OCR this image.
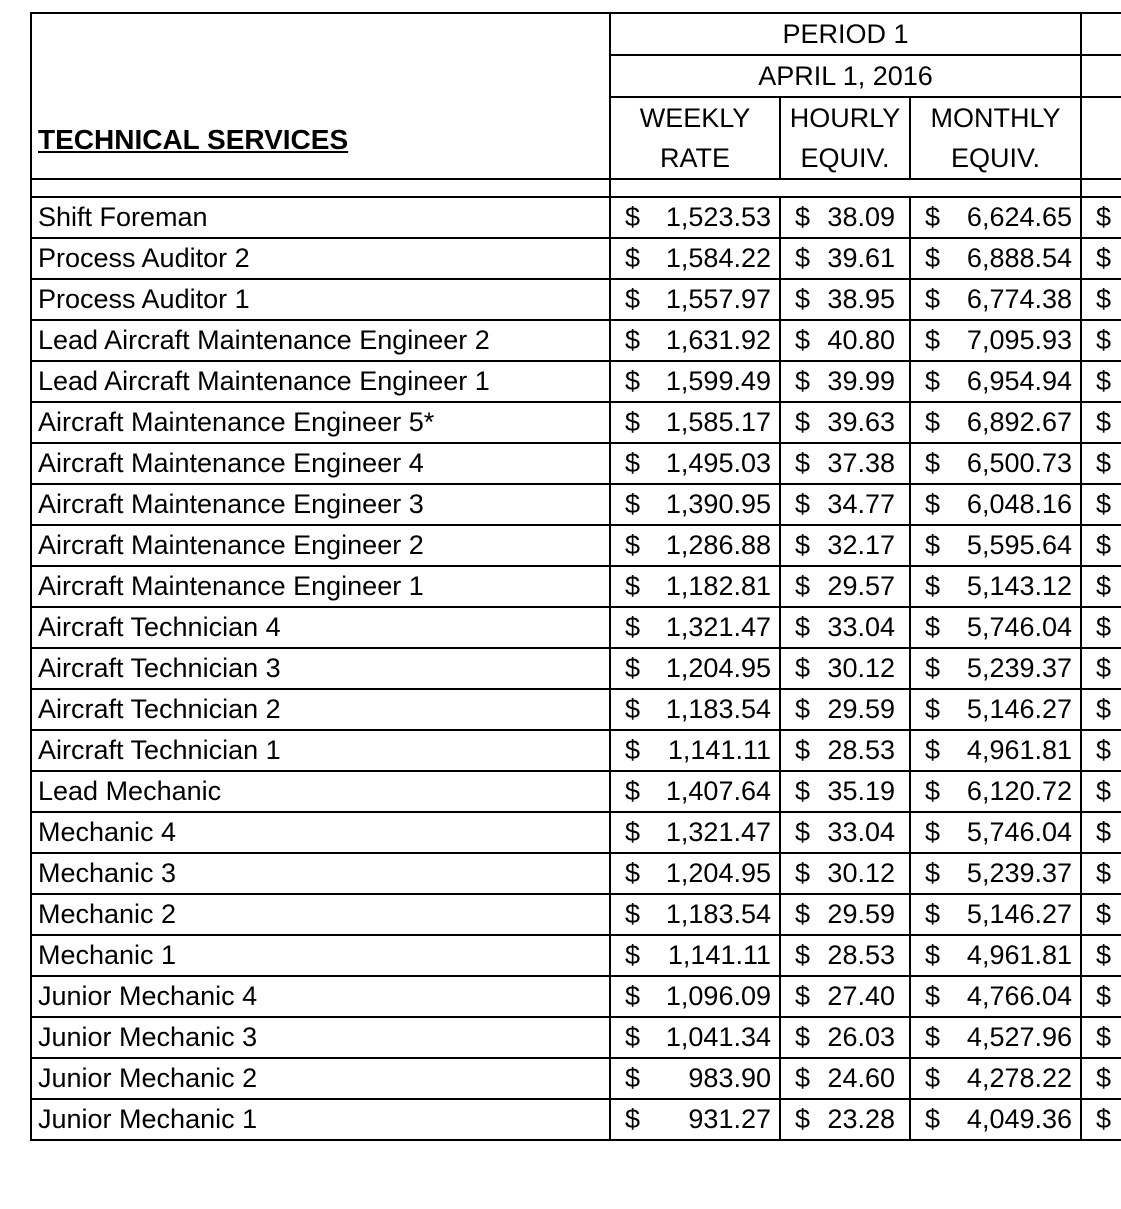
TECHNICAL SERVICES	PERIOD 1			
	APRIL 1, 2016			
	WEEKLY	HOURLY	MONTHLY	
	RATE	EQUIV.	EQUIV.	

Shift Foreman	$ 1,523.53	$ 38.09	$ 6,624.65	$
Process Auditor 2	$ 1,584.22	$ 39.61	$ 6,888.54	$
Process Auditor 1	$ 1,557.97	$ 38.95	$ 6,774.38	$
Lead Aircraft Maintenance Engineer 2	$ 1,631.92	$ 40.80	$ 7,095.93	$
Lead Aircraft Maintenance Engineer 1	$ 1,599.49	$ 39.99	$ 6,954.94	$
Aircraft Maintenance Engineer 5*	$ 1,585.17	$ 39.63	$ 6,892.67	$
Aircraft Maintenance Engineer 4	$ 1,495.03	$ 37.38	$ 6,500.73	$
Aircraft Maintenance Engineer 3	$ 1,390.95	$ 34.77	$ 6,048.16	$
Aircraft Maintenance Engineer 2	$ 1,286.88	$ 32.17	$ 5,595.64	$
Aircraft Maintenance Engineer 1	$ 1,182.81	$ 29.57	$ 5,143.12	$
Aircraft Technician 4	$ 1,321.47	$ 33.04	$ 5,746.04	$
Aircraft Technician 3	$ 1,204.95	$ 30.12	$ 5,239.37	$
Aircraft Technician 2	$ 1,183.54	$ 29.59	$ 5,146.27	$
Aircraft Technician 1	$ 1,141.11	$ 28.53	$ 4,961.81	$
Lead Mechanic	$ 1,407.64	$ 35.19	$ 6,120.72	$
Mechanic 4	$ 1,321.47	$ 33.04	$ 5,746.04	$
Mechanic 3	$ 1,204.95	$ 30.12	$ 5,239.37	$
Mechanic 2	$ 1,183.54	$ 29.59	$ 5,146.27	$
Mechanic 1	$ 1,141.11	$ 28.53	$ 4,961.81	$
Junior Mechanic 4	$ 1,096.09	$ 27.40	$ 4,766.04	$
Junior Mechanic 3	$ 1,041.34	$ 26.03	$ 4,527.96	$
Junior Mechanic 2	$ 983.90	$ 24.60	$ 4,278.22	$
Junior Mechanic 1	$ 931.27	$ 23.28	$ 4,049.36	$
